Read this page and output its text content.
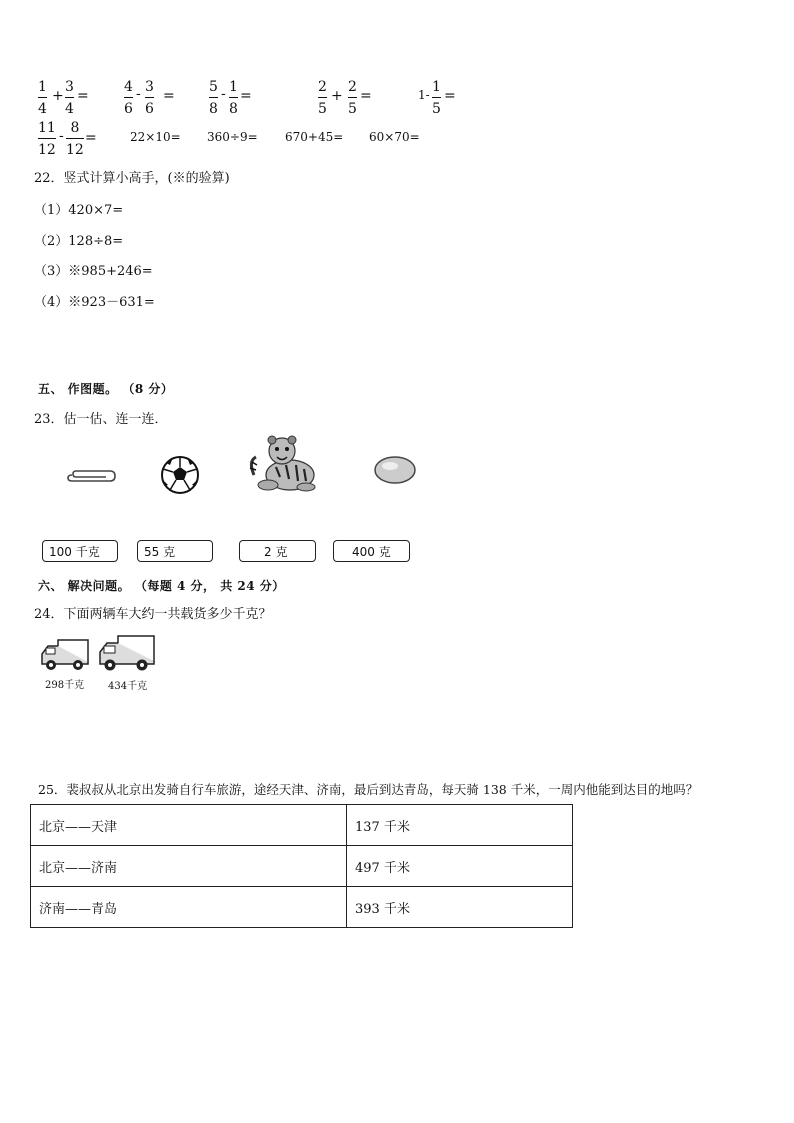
1
4
+
3
4
=
4
6
- 3
6
=
5
8
- 1
8
=
2
5
+
2
5
=	1- 1
5
=
11
12
- 8
12
=	22×10= 360÷9= 670+45= 60×70=
22．竖式计算小高手，(※的验算)
（1）420×7=
（2）128÷8=
（3）※985+246=
（4）※923－631=
五、 作图题。 （8 分）
23．估一估、连一连．
100 千克	55 克	2 克	400 克
六、 解决问题。 （每题 4 分， 共 24 分）
24．下面两辆车大约一共载货多少千克？
298千克 434千克
25．裴叔叔从北京出发骑自行车旅游，途经天津、济南，最后到达青岛，每天骑 138 千米，一周内他能到达目的地吗？
北京——天津	137 千米
北京——济南	497 千米
济南——青岛	393 千米
